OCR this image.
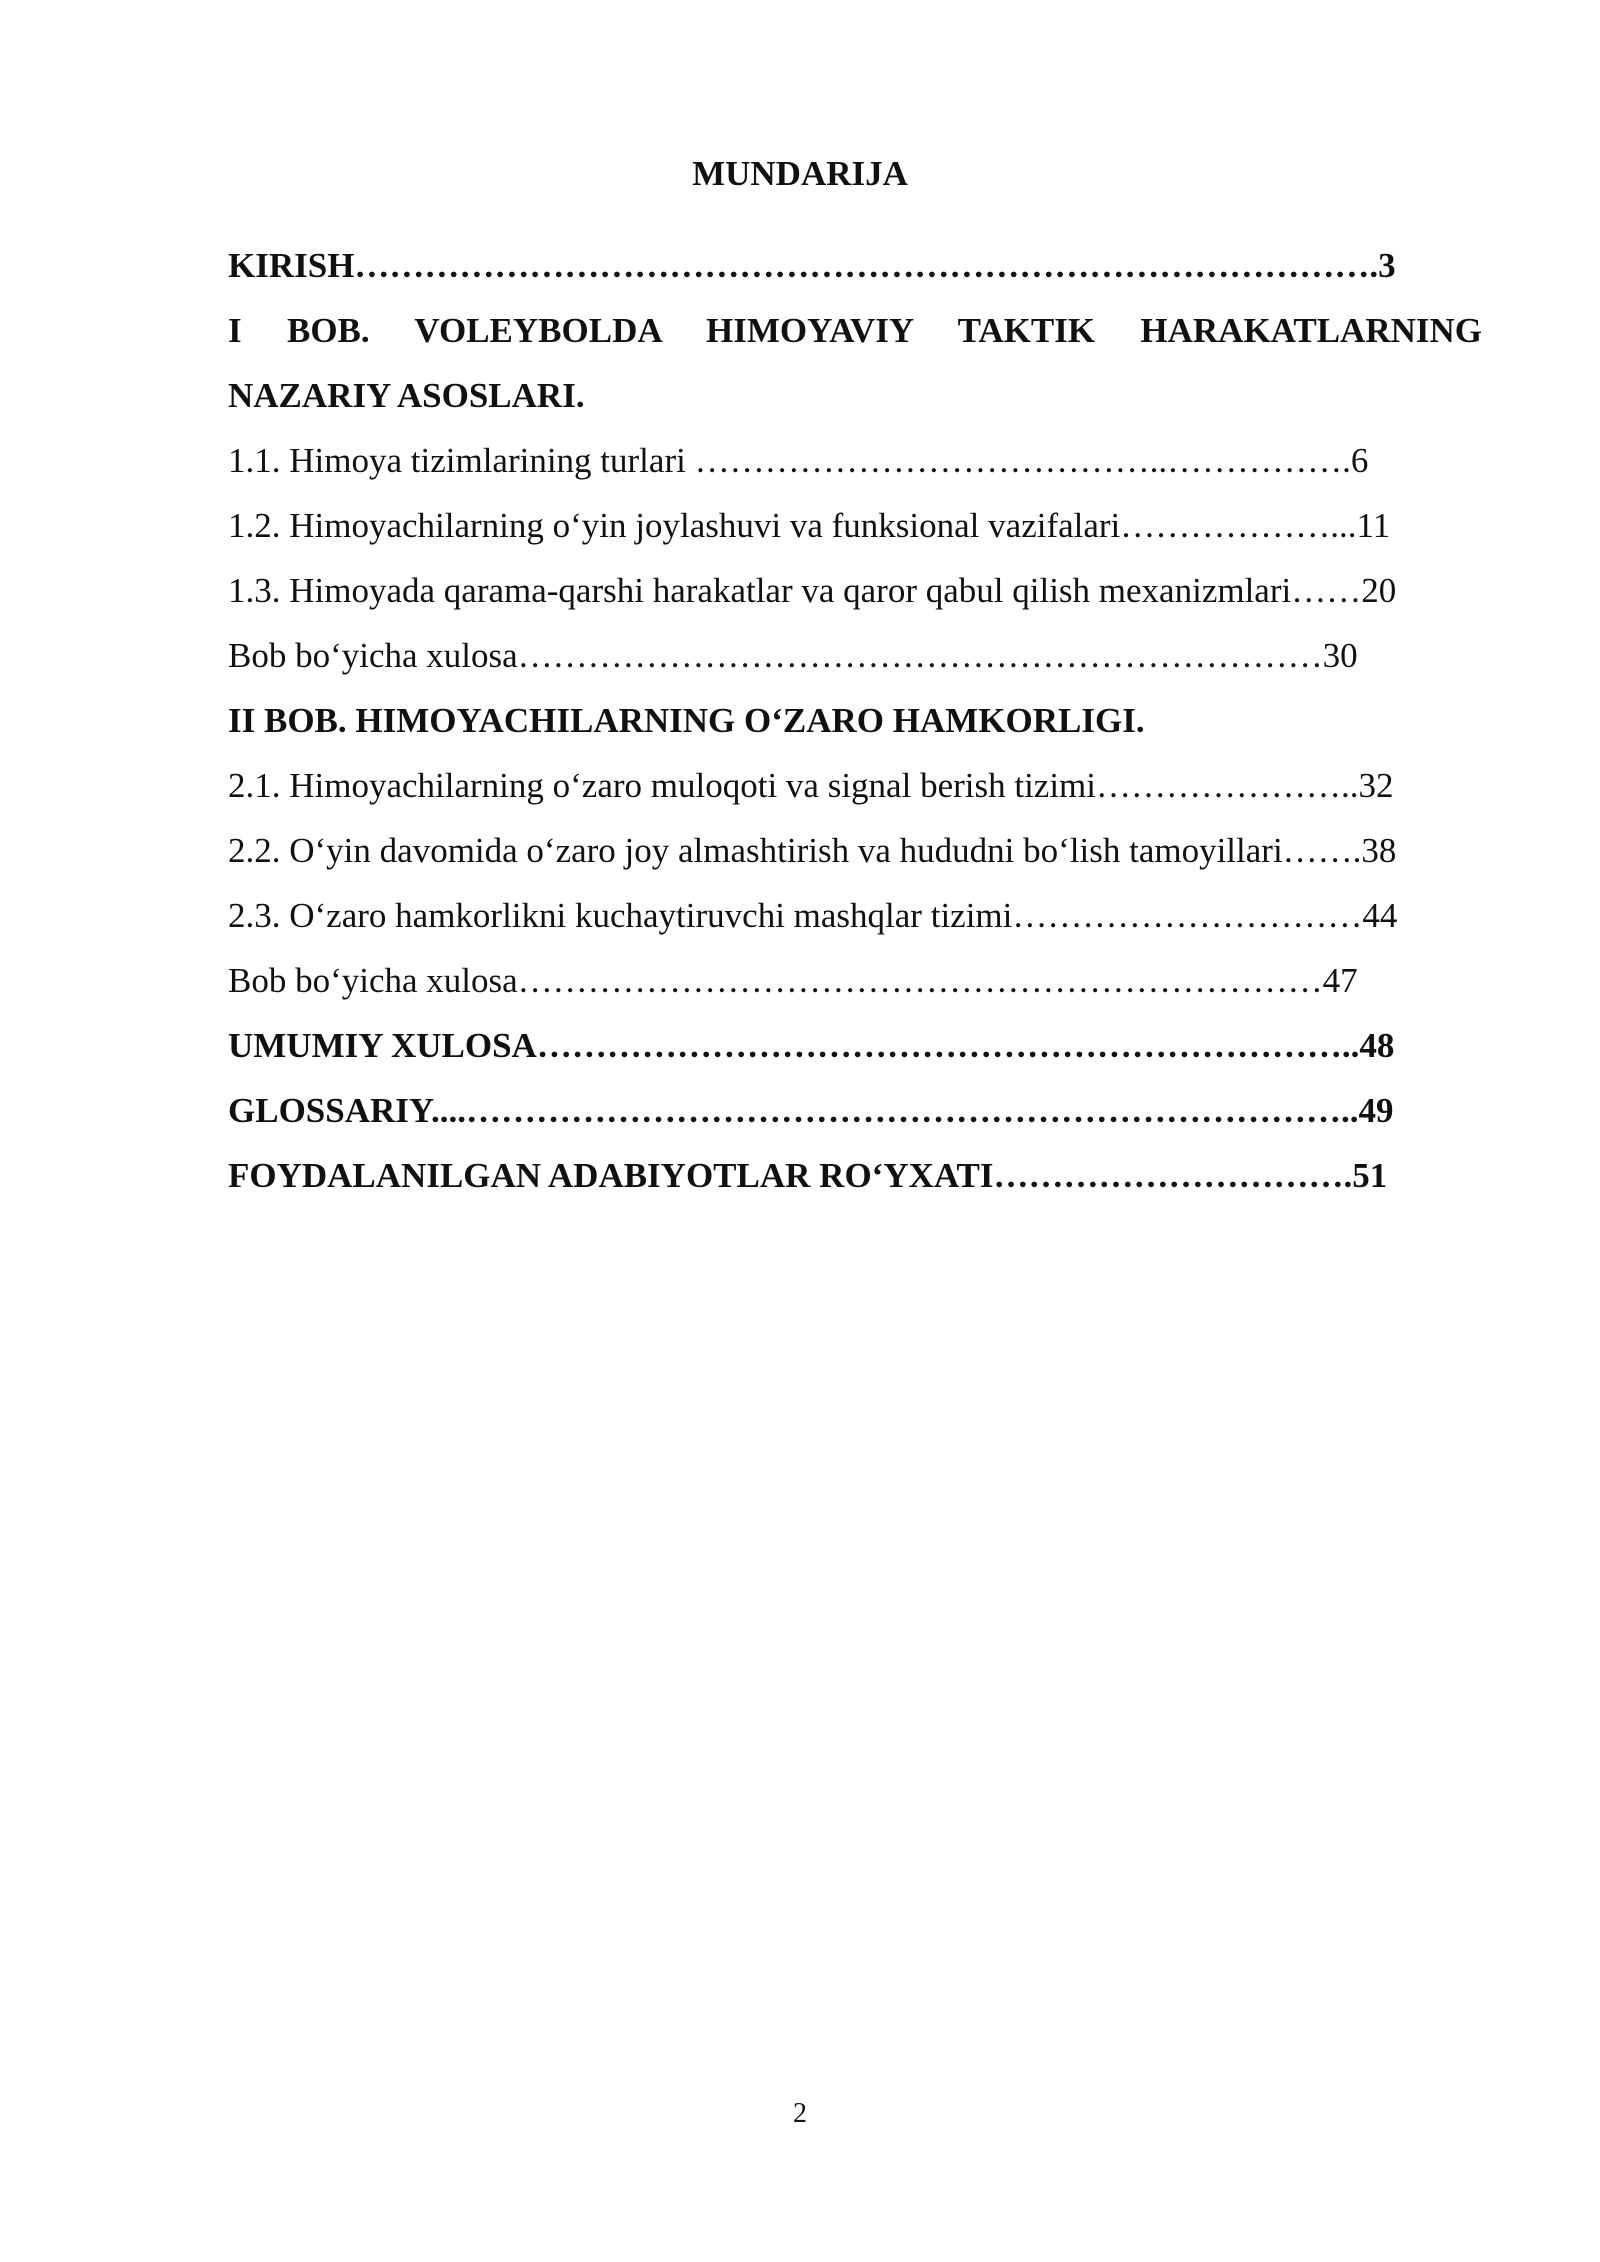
MUNDARIJA
KIRISH…………………………………………………………………………….3
I BOB. VOLEYBOLDA HIMOYAVIY TAKTIK HARAKATLARNING
NAZARIY ASOSLARI.
1.1. Himoya tizimlarining turlari …………………………………..…………….6
1.2. Himoyachilarning o‘yin joylashuvi va funksional vazifalari………………...11
1.3. Himoyada qarama-qarshi harakatlar va qaror qabul qilish mexanizmlari……20
Bob bo‘yicha xulosa……………………………………………………………30
II BOB. HIMOYACHILARNING O‘ZARO HAMKORLIGI.
2.1. Himoyachilarning o‘zaro muloqoti va signal berish tizimi…………………..32
2.2. O‘yin davomida o‘zaro joy almashtirish va hududni bo‘lish tamoyillari…….38
2.3. O‘zaro hamkorlikni kuchaytiruvchi mashqlar tizimi…………………………44
Bob bo‘yicha xulosa……………………………………………………………47
UMUMIY XULOSA……………………………………………………………..48
GLOSSARIY....…………………………………………………………………..49
FOYDALANILGAN ADABIYOTLAR RO‘YXATI………………………….51
2
